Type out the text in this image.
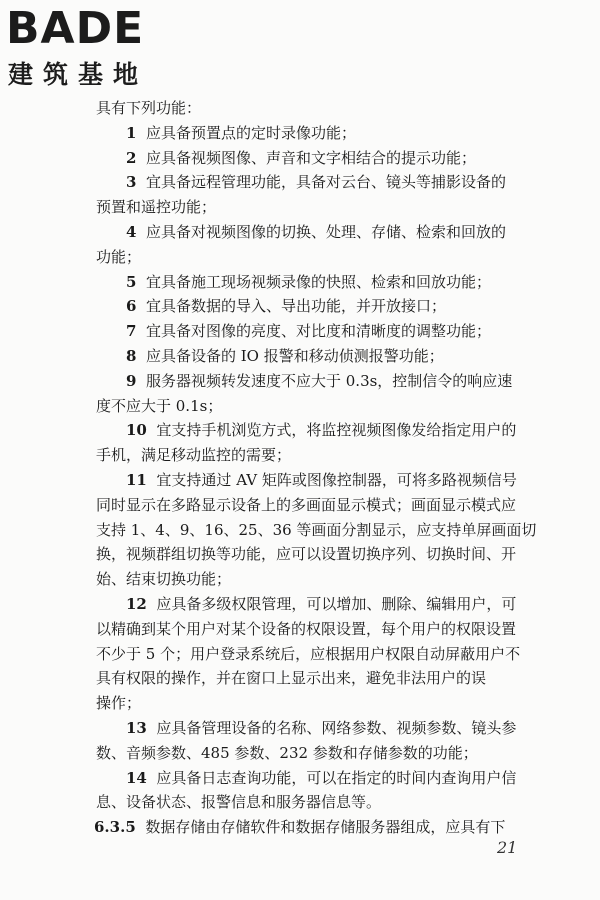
BADE
建筑基地
具有下列功能：
1 应具备预置点的定时录像功能；
2 应具备视频图像、声音和文字相结合的提示功能；
3 宜具备远程管理功能，具备对云台、镜头等捕影设备的
预置和遥控功能；
4 应具备对视频图像的切换、处理、存储、检索和回放的
功能；
5 宜具备施工现场视频录像的快照、检索和回放功能；
6 宜具备数据的导入、导出功能，并开放接口；
7 宜具备对图像的亮度、对比度和清晰度的调整功能；
8 应具备设备的 IO 报警和移动侦测报警功能；
9 服务器视频转发速度不应大于 0.3s，控制信令的响应速
度不应大于 0.1s；
10 宜支持手机浏览方式，将监控视频图像发给指定用户的
手机，满足移动监控的需要；
11 宜支持通过 AV 矩阵或图像控制器，可将多路视频信号
同时显示在多路显示设备上的多画面显示模式；画面显示模式应
支持 1、4、9、16、25、36 等画面分割显示，应支持单屏画面切
换，视频群组切换等功能，应可以设置切换序列、切换时间、开
始、结束切换功能；
12 应具备多级权限管理，可以增加、删除、编辑用户，可
以精确到某个用户对某个设备的权限设置，每个用户的权限设置
不少于 5 个；用户登录系统后，应根据用户权限自动屏蔽用户不
具有权限的操作，并在窗口上显示出来，避免非法用户的误
操作；
13 应具备管理设备的名称、网络参数、视频参数、镜头参
数、音频参数、485 参数、232 参数和存储参数的功能；
14 应具备日志查询功能，可以在指定的时间内查询用户信
息、设备状态、报警信息和服务器信息等。
6.3.5 数据存储由存储软件和数据存储服务器组成，应具有下
21
